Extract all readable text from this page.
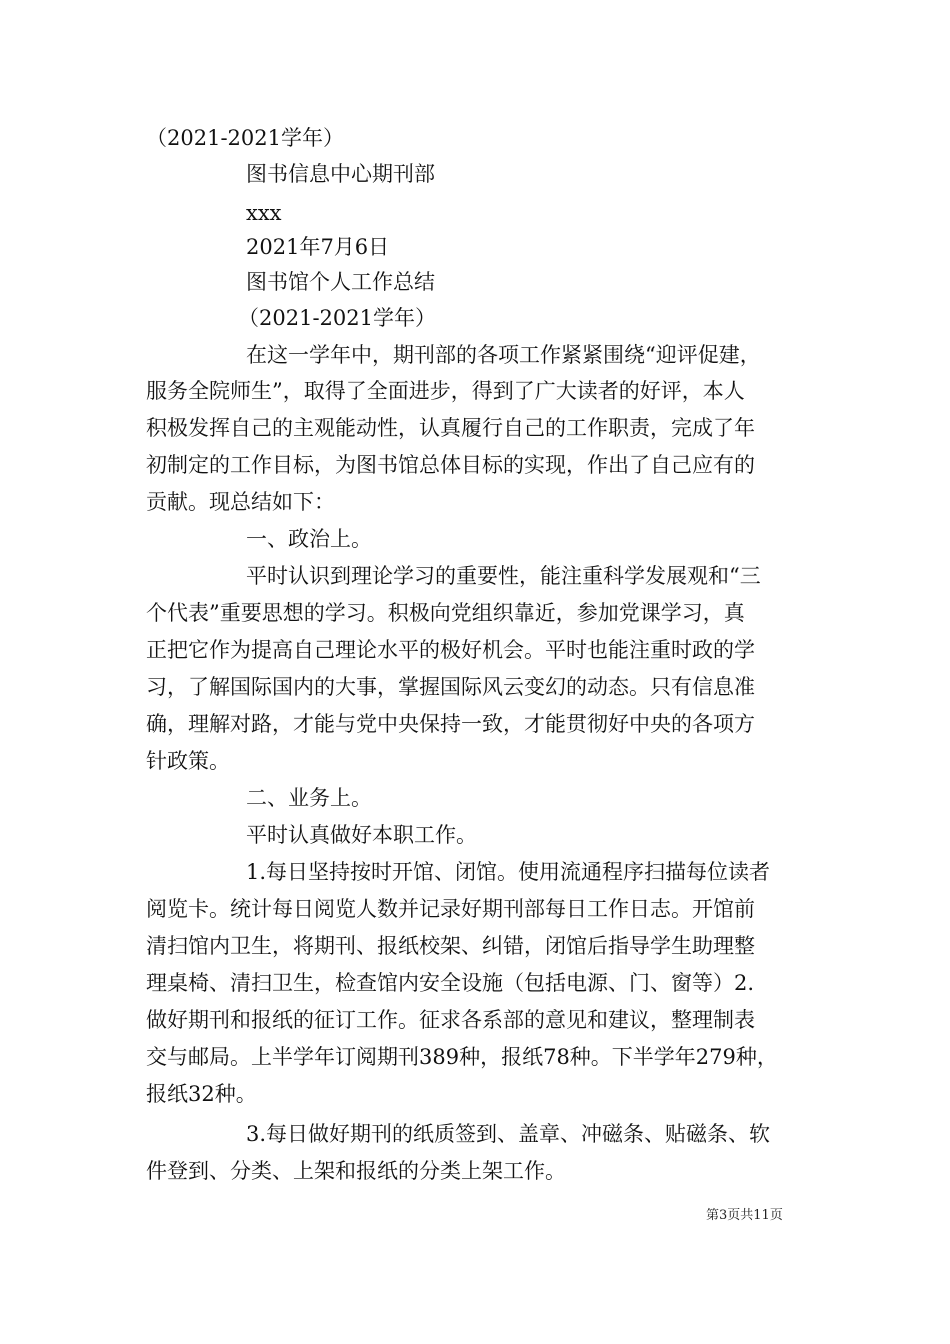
（2021-2021学年）
图书信息中心期刊部
xxx
2021年7月6日
图书馆个人工作总结
（2021-2021学年）
在这一学年中，期刊部的各项工作紧紧围绕“迎评促建，
服务全院师生”，取得了全面进步，得到了广大读者的好评，本人
积极发挥自己的主观能动性，认真履行自己的工作职责，完成了年
初制定的工作目标，为图书馆总体目标的实现，作出了自己应有的
贡献。现总结如下：
一、政治上。
平时认识到理论学习的重要性，能注重科学发展观和“三
个代表”重要思想的学习。积极向党组织靠近，参加党课学习，真
正把它作为提高自己理论水平的极好机会。平时也能注重时政的学
习，了解国际国内的大事，掌握国际风云变幻的动态。只有信息准
确，理解对路，才能与党中央保持一致，才能贯彻好中央的各项方
针政策。
二、业务上。
平时认真做好本职工作。
1.每日坚持按时开馆、闭馆。使用流通程序扫描每位读者
阅览卡。统计每日阅览人数并记录好期刊部每日工作日志。开馆前
清扫馆内卫生，将期刊、报纸校架、纠错，闭馆后指导学生助理整
理桌椅、清扫卫生，检查馆内安全设施（包括电源、门、窗等）2.
做好期刊和报纸的征订工作。征求各系部的意见和建议，整理制表
交与邮局。上半学年订阅期刊389种，报纸78种。下半学年279种，
报纸32种。
3.每日做好期刊的纸质签到、盖章、冲磁条、贴磁条、软
件登到、分类、上架和报纸的分类上架工作。
第3页共11页
